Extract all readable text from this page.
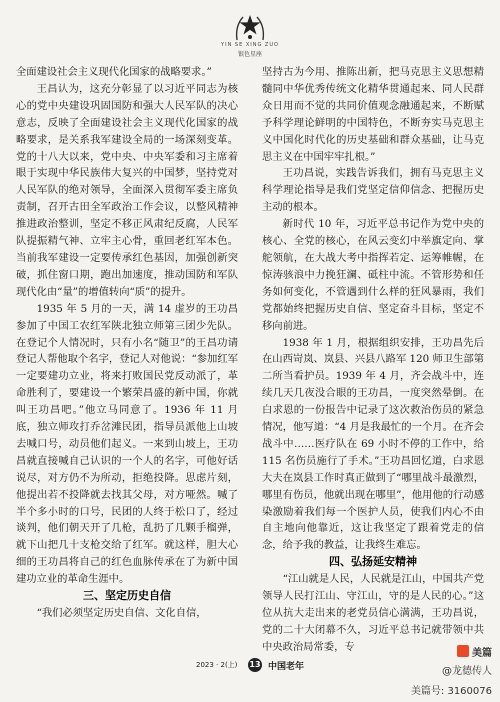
YIN SE XING ZUO
银色星座

全面建设社会主义现代化国家的战略要求。”

王昌认为，这充分彰显了以习近平同志为核心的党中央建设巩固国防和强大人民军队的决心意志，反映了全面建设社会主义现代化国家的战略要求，是关系我军建设全局的一场深刻变革。党的十八大以来，党中央、中央军委和习主席着眼于实现中华民族伟大复兴的中国梦，坚持党对人民军队的绝对领导，全面深入贯彻军委主席负责制，召开古田全军政治工作会议，以整风精神推进政治整训，坚定不移正风肃纪反腐，人民军队提振精气神、立牢主心骨，重回老红军本色。当前我军建设一定要传承红色基因，加强创新突破，抓住窗口期，跑出加速度，推动国防和军队现代化由“量”的增值转向“质”的提升。

1935 年 5 月的一天，满 14 虚岁的王功昌参加了中国工农红军陕北独立师第三团少先队。在登记个人情况时，只有小名“随卫”的王昌功请登记人帮他取个名字，登记人对他说：“参加红军一定要建功立业，将来打败国民党反动派了，革命胜利了，要建设一个繁荣昌盛的新中国，你就叫王功昌吧。”他立马同意了。1936 年 11 月底，独立师攻打乔岔滩民团，指导员派他上山坡去喊口号，动员他们起义。一来到山坡上，王功昌就直接喊自己认识的一个人的名字，可他好话说尽，对方仍不为所动，拒绝投降。思虑片刻，他提出若不投降就去找其父母，对方哑然。喊了半个多小时的口号，民团的人终于松口了，经过谈判，他们朝天开了几枪，乱扔了几颗手榴弹，就下山把几十支枪交给了红军。就这样，胆大心细的王功昌将自己的红色血脉传承在了为新中国建功立业的革命生涯中。

三、坚定历史自信

“我们必须坚定历史自信、文化自信，

坚持古为今用、推陈出新，把马克思主义思想精髓同中华优秀传统文化精华贯通起来、同人民群众日用而不觉的共同价值观念融通起来，不断赋予科学理论鲜明的中国特色，不断夯实马克思主义中国化时代化的历史基础和群众基础，让马克思主义在中国牢牢扎根。”

王功昌说，实践告诉我们，拥有马克思主义科学理论指导是我们党坚定信仰信念、把握历史主动的根本。

新时代 10 年，习近平总书记作为党中央的核心、全党的核心，在风云变幻中举旗定向、掌舵领航，在大战大考中指挥若定、运筹帷幄，在惊涛骇浪中力挽狂澜、砥柱中流。不管形势和任务如何变化，不管遇到什么样的狂风暴雨，我们党都始终把握历史自信、坚定奋斗目标，坚定不移向前进。

1938 年 1 月，根据组织安排，王功昌先后在山西岢岚、岚县、兴县八路军 120 师卫生部第二所当看护员。1939 年 4 月，齐会战斗中，连续几天几夜没合眼的王功昌，一度突然晕倒。在白求恩的一份报告中记录了这次救治伤员的紧急情况，他写道：“4 月是我最忙的一个月。在齐会战斗中……医疗队在 69 小时不停的工作中，给 115 名伤员施行了手术。”王功昌回忆道，白求恩大夫在岚县工作时真正做到了“哪里战斗最激烈，哪里有伤员，他就出现在哪里”，他用他的行动感染激励着我们每一个医护人员，使我们内心不由自主地向他靠近，这让我坚定了跟着党走的信念，给予我的教益，让我终生难忘。

四、弘扬延安精神

“江山就是人民，人民就是江山，中国共产党领导人民打江山、守江山，守的是人民的心。”这位从抗大走出来的老党员信心满满，王功昌说，党的二十大闭幕不久，习近平总书记就带领中共中央政治局常委，专

2023 · 2(上) 13 中国老年
美篇
@龙德传人
美篇号: 3160076
